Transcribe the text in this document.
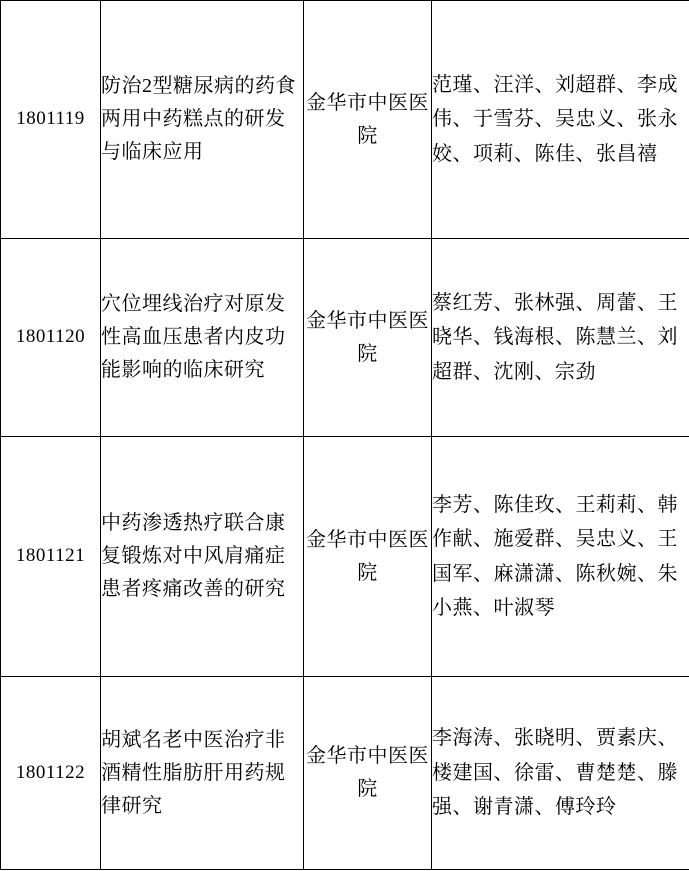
1801119	防治2型糖尿病的药食两用中药糕点的研发与临床应用	金华市中医医院	范瑾、汪洋、刘超群、李成伟、于雪芬、吴忠义、张永姣、项莉、陈佳、张昌禧
1801120	穴位埋线治疗对原发性高血压患者内皮功能影响的临床研究	金华市中医医院	蔡红芳、张林强、周蕾、王晓华、钱海根、陈慧兰、刘超群、沈刚、宗劲
1801121	中药渗透热疗联合康复锻炼对中风肩痛症患者疼痛改善的研究	金华市中医医院	李芳、陈佳玫、王莉莉、韩作献、施爱群、吴忠义、王国军、麻潇潇、陈秋婉、朱小燕、叶淑琴
1801122	胡斌名老中医治疗非酒精性脂肪肝用药规律研究	金华市中医医院	李海涛、张晓明、贾素庆、楼建国、徐雷、曹楚楚、滕强、谢青潇、傅玲玲
